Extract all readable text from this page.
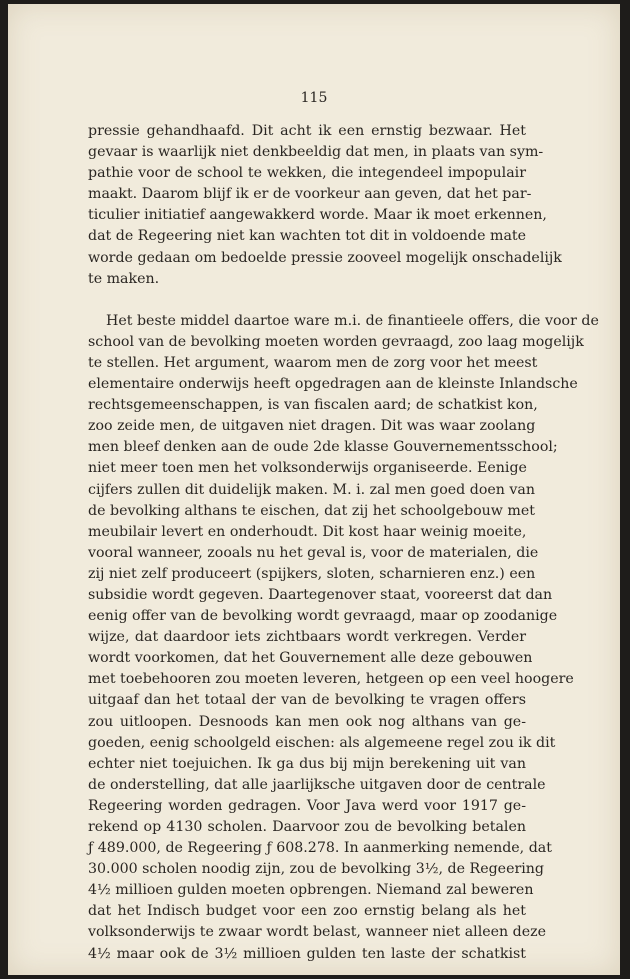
115
pressie gehandhaafd. Dit acht ik een ernstig bezwaar. Het
gevaar is waarlijk niet denkbeeldig dat men, in plaats van sym-
pathie voor de school te wekken, die integendeel impopulair
maakt. Daarom blijf ik er de voorkeur aan geven, dat het par-
ticulier initiatief aangewakkerd worde. Maar ik moet erkennen,
dat de Regeering niet kan wachten tot dit in voldoende mate
worde gedaan om bedoelde pressie zooveel mogelijk onschadelijk
te maken.
Het beste middel daartoe ware m.i. de finantieele offers, die voor de
school van de bevolking moeten worden gevraagd, zoo laag mogelijk
te stellen. Het argument, waarom men de zorg voor het meest
elementaire onderwijs heeft opgedragen aan de kleinste Inlandsche
rechtsgemeenschappen, is van fiscalen aard; de schatkist kon,
zoo zeide men, de uitgaven niet dragen. Dit was waar zoolang
men bleef denken aan de oude 2de klasse Gouvernementsschool;
niet meer toen men het volksonderwijs organiseerde. Eenige
cijfers zullen dit duidelijk maken. M. i. zal men goed doen van
de bevolking althans te eischen, dat zij het schoolgebouw met
meubilair levert en onderhoudt. Dit kost haar weinig moeite,
vooral wanneer, zooals nu het geval is, voor de materialen, die
zij niet zelf produceert (spijkers, sloten, scharnieren enz.) een
subsidie wordt gegeven. Daartegenover staat, vooreerst dat dan
eenig offer van de bevolking wordt gevraagd, maar op zoodanige
wijze, dat daardoor iets zichtbaars wordt verkregen. Verder
wordt voorkomen, dat het Gouvernement alle deze gebouwen
met toebehooren zou moeten leveren, hetgeen op een veel hoogere
uitgaaf dan het totaal der van de bevolking te vragen offers
zou uitloopen. Desnoods kan men ook nog althans van ge-
goeden, eenig schoolgeld eischen: als algemeene regel zou ik dit
echter niet toejuichen. Ik ga dus bij mijn berekening uit van
de onderstelling, dat alle jaarlijksche uitgaven door de centrale
Regeering worden gedragen. Voor Java werd voor 1917 ge-
rekend op 4130 scholen. Daarvoor zou de bevolking betalen
ƒ 489.000, de Regeering ƒ 608.278. In aanmerking nemende, dat
30.000 scholen noodig zijn, zou de bevolking 3½, de Regeering
4½ millioen gulden moeten opbrengen. Niemand zal beweren
dat het Indisch budget voor een zoo ernstig belang als het
volksonderwijs te zwaar wordt belast, wanneer niet alleen deze
4½ maar ook de 3½ millioen gulden ten laste der schatkist
